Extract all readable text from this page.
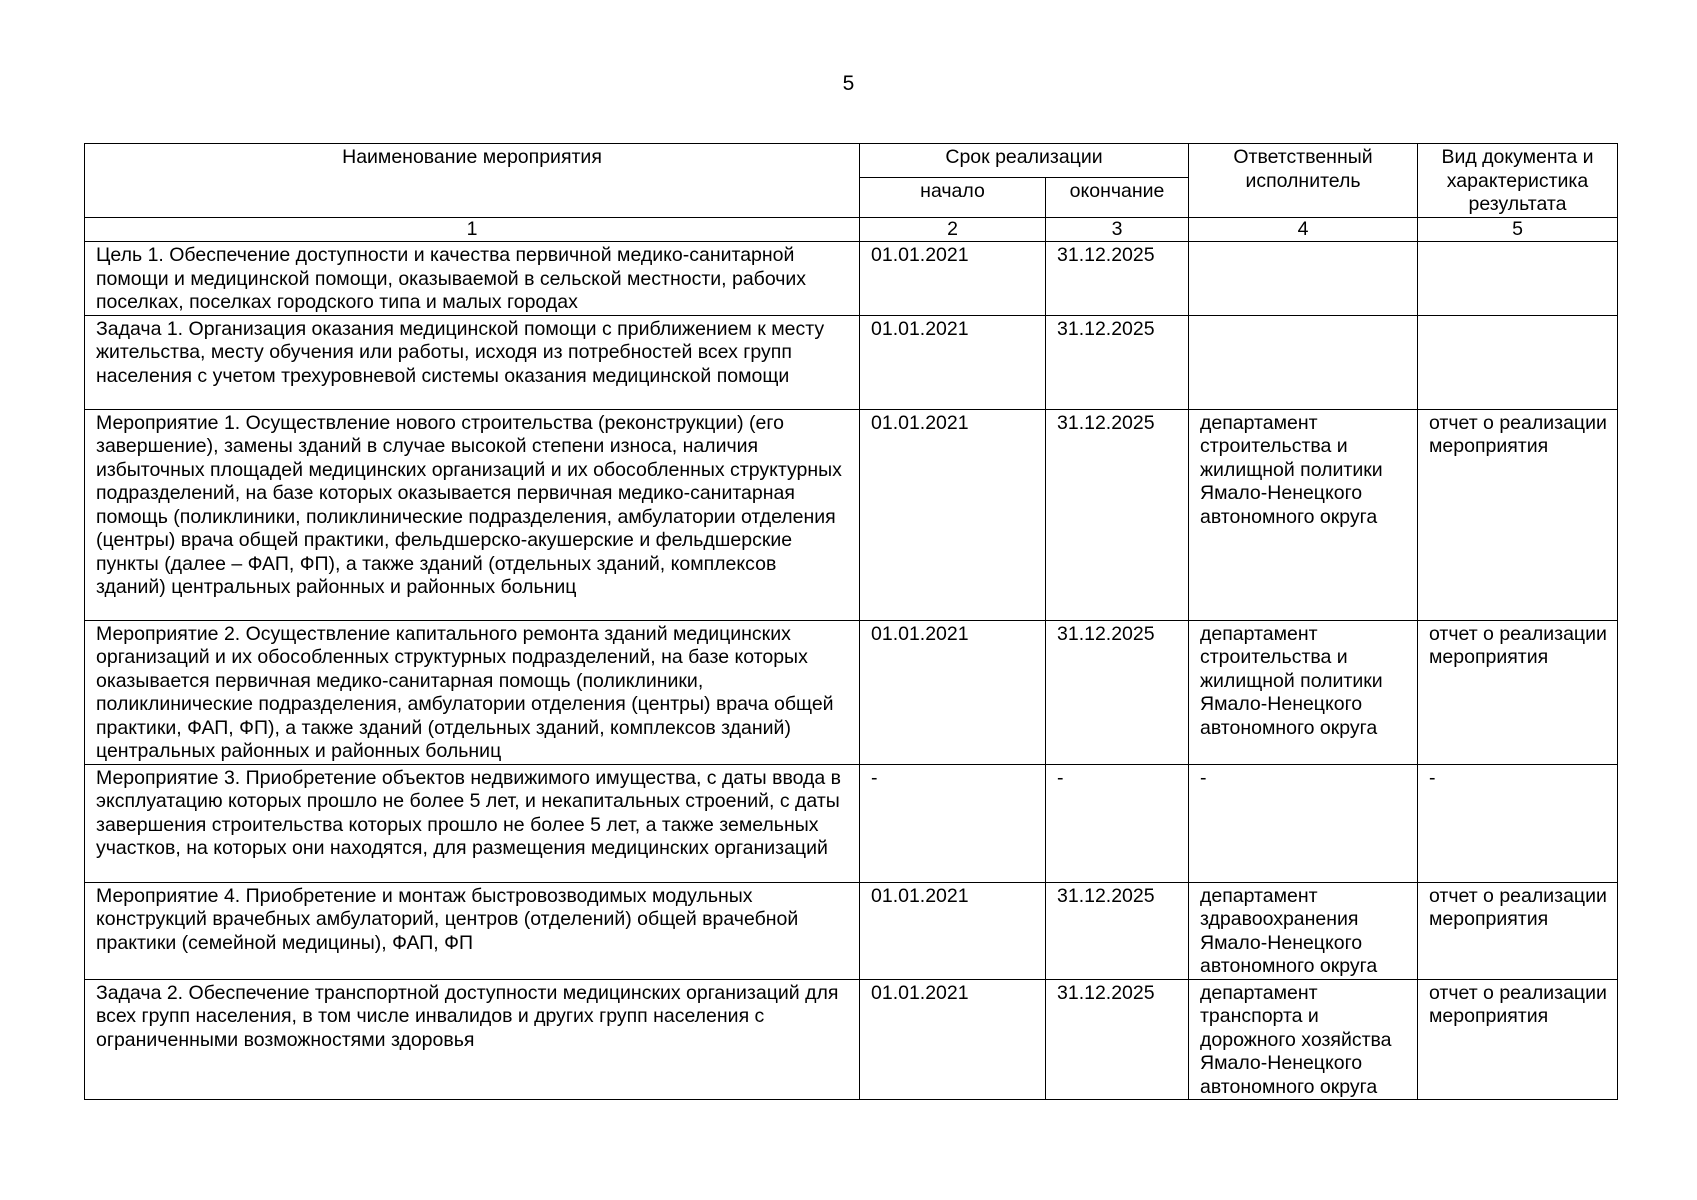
5
Наименование мероприятия	Срок реализации		Ответственный исполнитель	Вид документа и характеристика результата
	начало	окончание		
1	2	3	4	5
Цель 1. Обеспечение доступности и качества первичной медико-санитарной помощи и медицинской помощи, оказываемой в сельской местности, рабочих поселках, поселках городского типа и малых городах	01.01.2021	31.12.2025		
Задача 1. Организация оказания медицинской помощи с приближением к месту жительства, месту обучения или работы, исходя из потребностей всех групп населения с учетом трехуровневой системы оказания медицинской помощи	01.01.2021	31.12.2025		
Мероприятие 1. Осуществление нового строительства (реконструкции) (его завершение), замены зданий в случае высокой степени износа, наличия избыточных площадей медицинских организаций и их обособленных структурных подразделений, на базе которых оказывается первичная медико-санитарная помощь (поликлиники, поликлинические подразделения, амбулатории отделения (центры) врача общей практики, фельдшерско-акушерские и фельдшерские пункты (далее – ФАП, ФП), а также зданий (отдельных зданий, комплексов зданий) центральных районных и районных больниц	01.01.2021	31.12.2025	департамент строительства и жилищной политики Ямало-Ненецкого автономного округа	отчет о реализации мероприятия
Мероприятие 2. Осуществление капитального ремонта зданий медицинских организаций и их обособленных структурных подразделений, на базе которых оказывается первичная медико-санитарная помощь (поликлиники, поликлинические подразделения, амбулатории отделения (центры) врача общей практики, ФАП, ФП), а также зданий (отдельных зданий, комплексов зданий) центральных районных и районных больниц	01.01.2021	31.12.2025	департамент строительства и жилищной политики Ямало-Ненецкого автономного округа	отчет о реализации мероприятия
Мероприятие 3. Приобретение объектов недвижимого имущества, с даты ввода в эксплуатацию которых прошло не более 5 лет, и некапитальных строений, с даты завершения строительства которых прошло не более 5 лет, а также земельных участков, на которых они находятся, для размещения медицинских организаций	-	-	-	-
Мероприятие 4. Приобретение и монтаж быстровозводимых модульных конструкций врачебных амбулаторий, центров (отделений) общей врачебной практики (семейной медицины), ФАП, ФП	01.01.2021	31.12.2025	департамент здравоохранения Ямало-Ненецкого автономного округа	отчет о реализации мероприятия
Задача 2. Обеспечение транспортной доступности медицинских организаций для всех групп населения, в том числе инвалидов и других групп населения с ограниченными возможностями здоровья	01.01.2021	31.12.2025	департамент транспорта и дорожного хозяйства Ямало-Ненецкого автономного округа	отчет о реализации мероприятия
